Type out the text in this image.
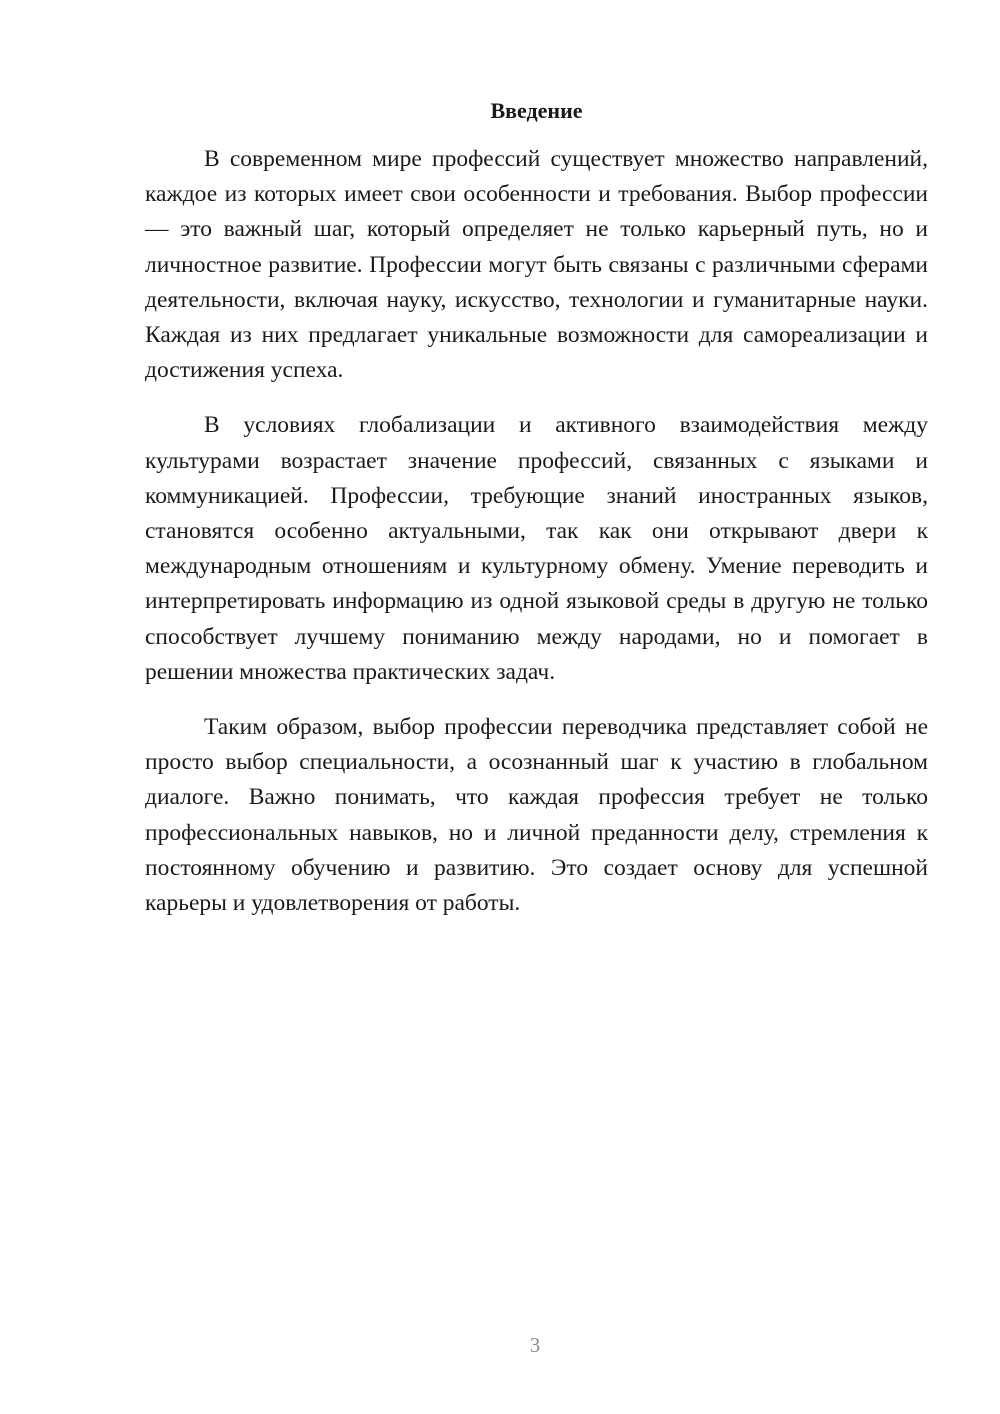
Введение

В современном мире профессий существует множество направлений, каждое из которых имеет свои особенности и требования. Выбор профессии — это важный шаг, который определяет не только карьерный путь, но и личностное развитие. Профессии могут быть связаны с различными сферами деятельности, включая науку, искусство, технологии и гуманитарные науки. Каждая из них предлагает уникальные возможности для самореализации и достижения успеха.

В условиях глобализации и активного взаимодействия между культурами возрастает значение профессий, связанных с языками и коммуникацией. Профессии, требующие знаний иностранных языков, становятся особенно актуальными, так как они открывают двери к международным отношениям и культурному обмену. Умение переводить и интерпретировать информацию из одной языковой среды в другую не только способствует лучшему пониманию между народами, но и помогает в решении множества практических задач.

Таким образом, выбор профессии переводчика представляет собой не просто выбор специальности, а осознанный шаг к участию в глобальном диалоге. Важно понимать, что каждая профессия требует не только профессиональных навыков, но и личной преданности делу, стремления к постоянному обучению и развитию. Это создает основу для успешной карьеры и удовлетворения от работы.

3
